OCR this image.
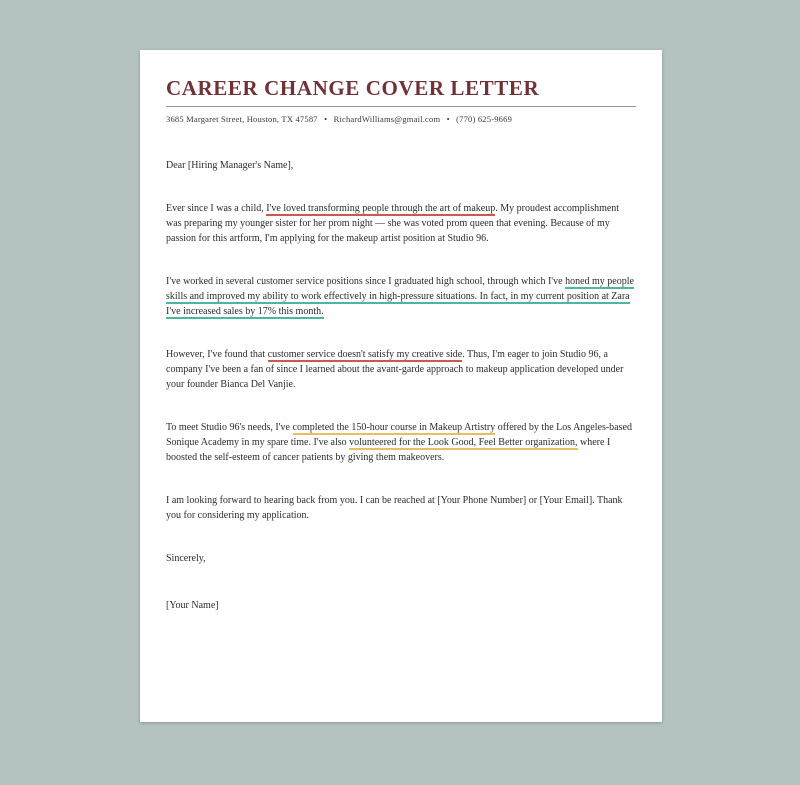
CAREER CHANGE COVER LETTER
3685 Margaret Street, Houston, TX 47587 • RichardWilliams@gmail.com • (770) 625-9669

Dear [Hiring Manager's Name],

Ever since I was a child, I've loved transforming people through the art of makeup. My proudest accomplishment was preparing my younger sister for her prom night — she was voted prom queen that evening. Because of my passion for this artform, I'm applying for the makeup artist position at Studio 96.

I've worked in several customer service positions since I graduated high school, through which I've honed my people skills and improved my ability to work effectively in high-pressure situations. In fact, in my current position at Zara I've increased sales by 17% this month.

However, I've found that customer service doesn't satisfy my creative side. Thus, I'm eager to join Studio 96, a company I've been a fan of since I learned about the avant-garde approach to makeup application developed under your founder Bianca Del Vanjie.

To meet Studio 96's needs, I've completed the 150-hour course in Makeup Artistry offered by the Los Angeles-based Sonique Academy in my spare time. I've also volunteered for the Look Good, Feel Better organization, where I boosted the self-esteem of cancer patients by giving them makeovers.

I am looking forward to hearing back from you. I can be reached at [Your Phone Number] or [Your Email]. Thank you for considering my application.

Sincerely,

[Your Name]
